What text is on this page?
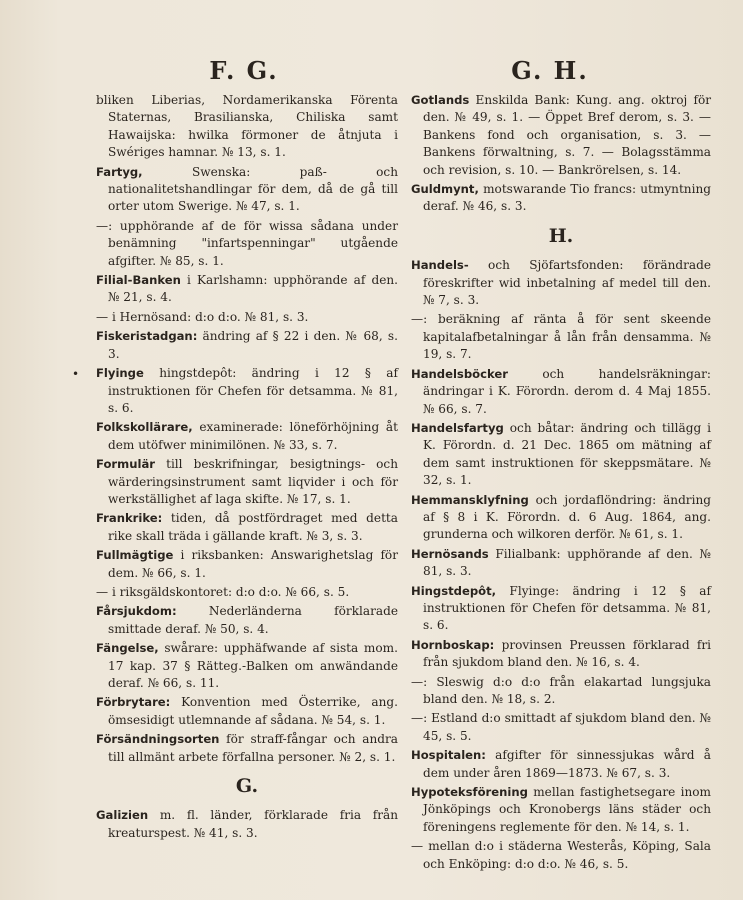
F. G.	G. H.
•
bliken Liberias, Nordamerikanska Förenta Staternas, Brasilianska, Chiliska samt Hawaijska: hwilka förmoner de åtnjuta i Swériges hamnar. № 13, s. 1.
Fartyg, Swenska: paß- och nationalitetshandlingar för dem, då de gå till orter utom Swerige. № 47, s. 1.
—: upphörande af de för wissa sådana under benämning "infartspenningar" utgående afgifter. № 85, s. 1.
Filial-Banken i Karlshamn: upphörande af den. № 21, s. 4.
— i Hernösand: d:o d:o. № 81, s. 3.
Fiskeristadgan: ändring af § 22 i den. № 68, s. 3.
Flyinge hingstdepôt: ändring i 12 § af instruktionen för Chefen för detsamma. № 81, s. 6.
Folkskollärare, examinerade: löneförhöjning åt dem utöfwer minimilönen. № 33, s. 7.
Formulär till beskrifningar, besigtnings- och wärderingsinstrument samt liqvider i och för werkställighet af laga skifte. № 17, s. 1.
Frankrike: tiden, då postfördraget med detta rike skall träda i gällande kraft. № 3, s. 3.
Fullmägtige i riksbanken: Answarighetslag för dem. № 66, s. 1.
— i riksgäldskontoret: d:o d:o. № 66, s. 5.
Fårsjukdom: Nederländerna förklarade smittade deraf. № 50, s. 4.
Fängelse, swårare: upphäfwande af sista mom. 17 kap. 37 § Rätteg.-Balken om anwändande deraf. № 66, s. 11.
Förbrytare: Konvention med Österrike, ang. ömsesidigt utlemnande af sådana. № 54, s. 1.
Försändningsorten för straff-fångar och andra till allmänt arbete förfallna personer. № 2, s. 1.
G.
Galizien m. fl. länder, förklarade fria från kreaturspest. № 41, s. 3.
Gotlands Enskilda Bank: Kung. ang. oktroj för den. № 49, s. 1. — Öppet Bref derom, s. 3. — Bankens fond och organisation, s. 3. — Bankens förwaltning, s. 7. — Bolagsstämma och revision, s. 10. — Bankrörelsen, s. 14.
Guldmynt, motswarande Tio francs: utmyntning deraf. № 46, s. 3.
H.
Handels- och Sjöfartsfonden: förändrade föreskrifter wid inbetalning af medel till den. № 7, s. 3.
—: beräkning af ränta å för sent skeende kapitalafbetalningar å lån från densamma. № 19, s. 7.
Handelsböcker och handelsräkningar: ändringar i K. Förordn. derom d. 4 Maj 1855. № 66, s. 7.
Handelsfartyg och båtar: ändring och tillägg i K. Förordn. d. 21 Dec. 1865 om mätning af dem samt instruktionen för skeppsmätare. № 32, s. 1.
Hemmansklyfning och jordaflöndring: ändring af § 8 i K. Förordn. d. 6 Aug. 1864, ang. grunderna och wilkoren derför. № 61, s. 1.
Hernösands Filialbank: upphörande af den. № 81, s. 3.
Hingstdepôt, Flyinge: ändring i 12 § af instruktionen för Chefen för detsamma. № 81, s. 6.
Hornboskap: provinsen Preussen förklarad fri från sjukdom bland den. № 16, s. 4.
—: Sleswig d:o d:o från elakartad lungsjuka bland den. № 18, s. 2.
—: Estland d:o smittadt af sjukdom bland den. № 45, s. 5.
Hospitalen: afgifter för sinnessjukas wård å dem under åren 1869—1873. № 67, s. 3.
Hypoteksförening mellan fastighetsegare inom Jönköpings och Kronobergs läns städer och föreningens reglemente för den. № 14, s. 1.
— mellan d:o i städerna Westerås, Köping, Sala och Enköping: d:o d:o. № 46, s. 5.
